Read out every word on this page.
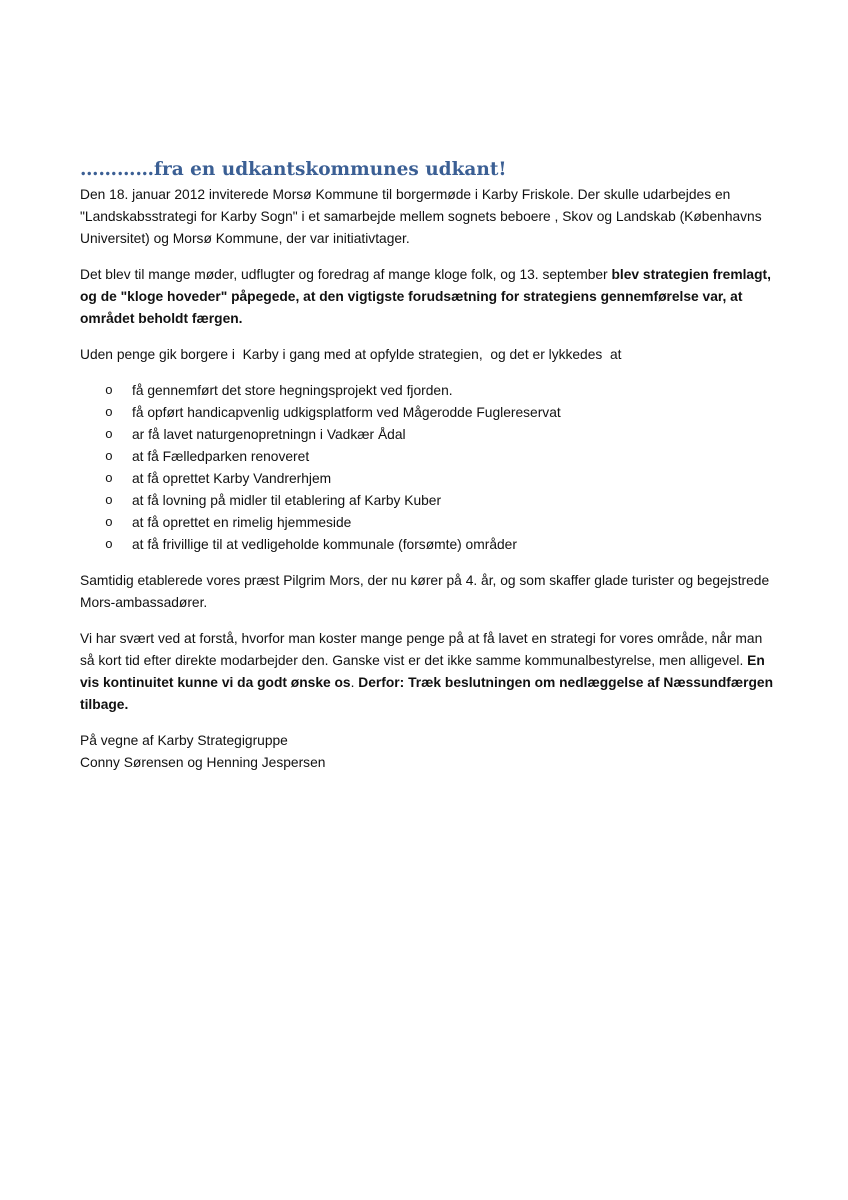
…………fra en udkantskommunes udkant!

Den 18. januar 2012 inviterede Morsø Kommune til borgermøde i Karby Friskole. Der skulle udarbejdes en "Landskabsstrategi for Karby Sogn" i et samarbejde mellem sognets beboere , Skov og Landskab (Københavns Universitet) og Morsø Kommune, der var initiativtager.

Det blev til mange møder, udflugter og foredrag af mange kloge folk, og 13. september blev strategien fremlagt, og de "kloge hoveder" påpegede, at den vigtigste forudsætning for strategiens gennemførelse var, at området beholdt færgen.

Uden penge gik borgere i  Karby i gang med at opfylde strategien,  og det er lykkedes  at

o få gennemført det store hegningsprojekt ved fjorden.
o få opført handicapvenlig udkigsplatform ved Mågerodde Fuglereservat
o ar få lavet naturgenopretningn i Vadkær Ådal
o at få Fælledparken renoveret
o at få oprettet Karby Vandrerhjem
o at få lovning på midler til etablering af Karby Kuber
o at få oprettet en rimelig hjemmeside
o at få frivillige til at vedligeholde kommunale (forsømte) områder

Samtidig etablerede vores præst Pilgrim Mors, der nu kører på 4. år, og som skaffer glade turister og begejstrede Mors-ambassadører.

Vi har svært ved at forstå, hvorfor man koster mange penge på at få lavet en strategi for vores område, når man så kort tid efter direkte modarbejder den. Ganske vist er det ikke samme kommunalbestyrelse, men alligevel. En vis kontinuitet kunne vi da godt ønske os. Derfor: Træk beslutningen om nedlæggelse af Næssundfærgen tilbage.

På vegne af Karby Strategigruppe

Conny Sørensen og Henning Jespersen
